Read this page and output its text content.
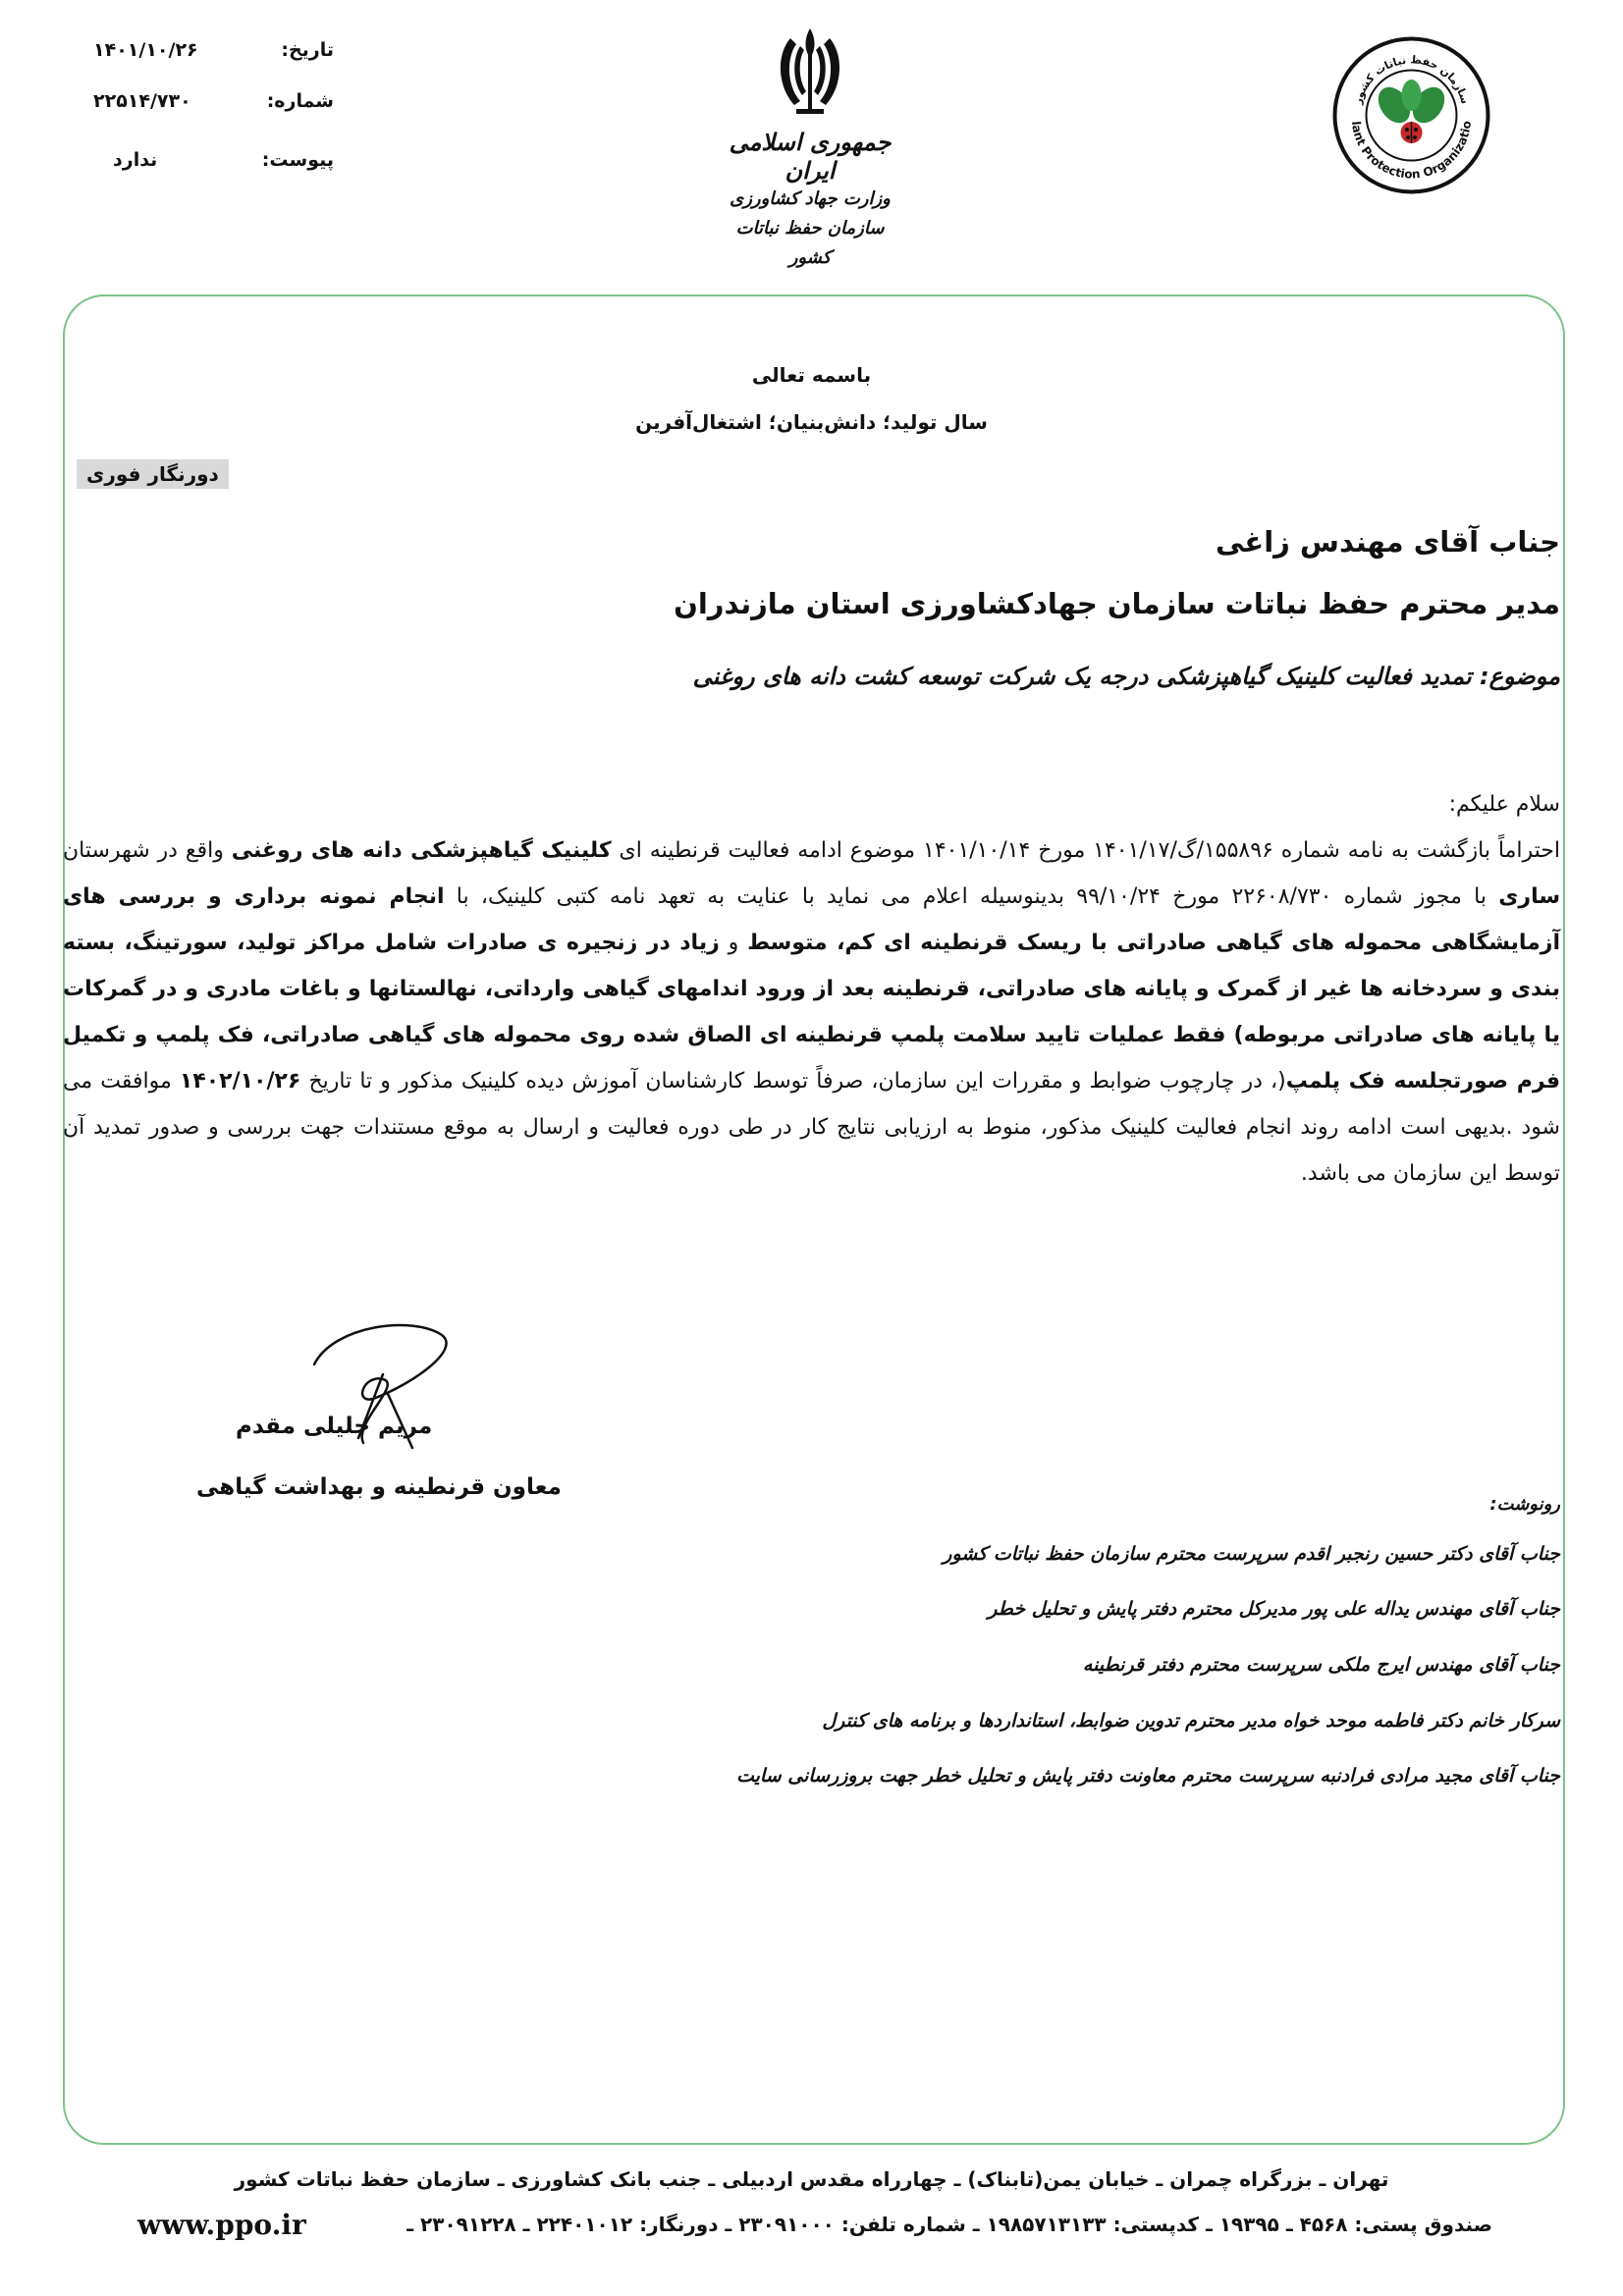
تاریخ:
۱۴۰۱/۱۰/۲۶
شماره:
۲۲۵۱۴/۷۳۰
پیوست:
ندارد
جمهوری اسلامی ایران
وزارت جهاد کشاورزی
سازمان حفظ نباتات کشور
سازمان حفظ نباتات کشور
lant Protection Organizatio
باسمه تعالی
سال تولید؛ دانش‌بنیان؛ اشتغال‌آفرین
دورنگار فوری
جناب آقای مهندس زاغی
مدیر محترم حفظ نباتات سازمان جهادکشاورزی استان مازندران
موضوع: تمدید فعالیت کلینیک گیاهپزشکی درجه یک شرکت توسعه کشت دانه های روغنی
سلام علیکم:
احتراماً بازگشت به نامه شماره ۱۵۵۸۹۶/گ/۱۴۰۱/۱۷ مورخ ۱۴۰۱/۱۰/۱۴ موضوع ادامه فعالیت قرنطینه ای کلینیک گیاهپزشکی دانه های روغنی واقع در شهرستان ساری با مجوز شماره ۲۲۶۰۸/۷۳۰ مورخ ۹۹/۱۰/۲۴ بدینوسیله اعلام می نماید با عنایت به تعهد نامه کتبی کلینیک، با انجام نمونه برداری و بررسی های آزمایشگاهی محموله های گیاهی صادراتی با ریسک قرنطینه ای کم، متوسط و زیاد در زنجیره ی صادرات شامل مراکز تولید، سورتینگ، بسته بندی و سردخانه ها غیر از گمرک و پایانه های صادراتی، قرنطینه بعد از ورود اندامهای گیاهی وارداتی، نهالستانها و باغات مادری و در گمرکات یا پایانه های صادراتی مربوطه) فقط عملیات تایید سلامت پلمپ قرنطینه ای الصاق شده روی محموله های گیاهی صادراتی، فک پلمپ و تکمیل فرم صورتجلسه فک پلمپ(، در چارچوب ضوابط و مقررات این سازمان، صرفاً توسط کارشناسان آموزش دیده کلینیک مذکور و تا تاریخ ۱۴۰۲/۱۰/۲۶ موافقت می شود .بدیهی است ادامه روند انجام فعالیت کلینیک مذکور، منوط به ارزیابی نتایج کار در طی دوره فعالیت و ارسال به موقع مستندات جهت بررسی و صدور تمدید آن توسط این سازمان می باشد.
مریم جلیلی مقدم
معاون قرنطینه و بهداشت گیاهی
رونوشت:
جناب آقای دکتر حسین رنجبر اقدم سرپرست محترم سازمان حفظ نباتات کشور
جناب آقای مهندس یداله علی پور مدیرکل محترم دفتر پایش و تحلیل خطر
جناب آقای مهندس ایرج ملکی سرپرست محترم دفتر قرنطینه
سرکار خانم دکتر فاطمه موحد خواه مدیر محترم تدوین ضوابط، استانداردها و برنامه های کنترل
جناب آقای مجید مرادی فرادنبه سرپرست محترم معاونت دفتر پایش و تحلیل خطر جهت بروزرسانی سایت
تهران ـ بزرگراه چمران ـ خیابان یمن(تابناک) ـ چهارراه مقدس اردبیلی ـ جنب بانک کشاورزی ـ سازمان حفظ نباتات کشور
صندوق پستی: ۴۵۶۸ ـ ۱۹۳۹۵ ـ کدپستی: ۱۹۸۵۷۱۳۱۳۳ ـ شماره تلفن: ۲۳۰۹۱۰۰۰ ـ دورنگار: ۲۲۴۰۱۰۱۲ ـ ۲۳۰۹۱۲۲۸ ـ
www.ppo.ir
